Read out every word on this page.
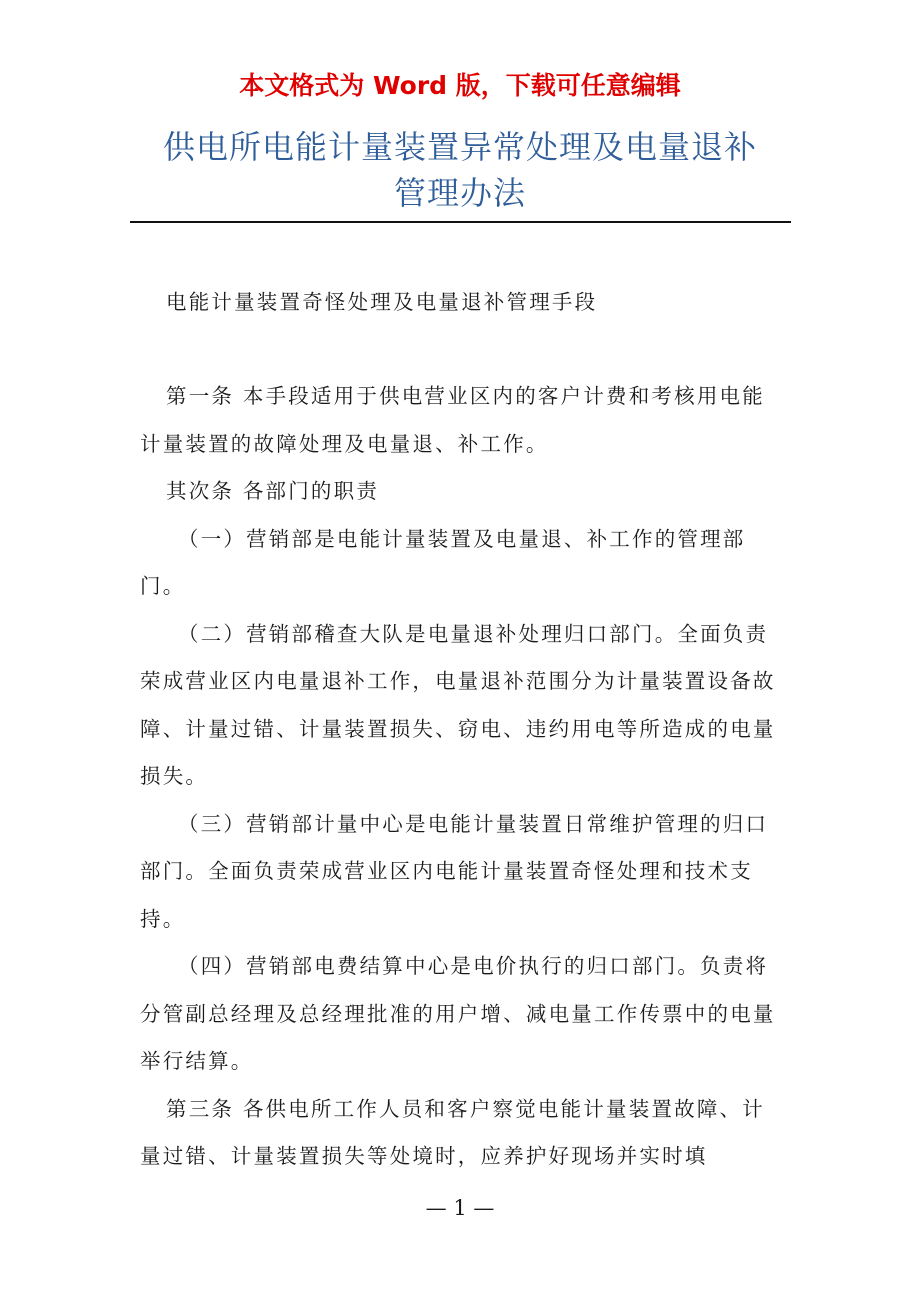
本文格式为 Word 版，下载可任意编辑
供电所电能计量装置异常处理及电量退补
管理办法
电能计量装置奇怪处理及电量退补管理手段

第一条 本手段适用于供电营业区内的客户计费和考核用电能计量装置的故障处理及电量退、补工作。

其次条 各部门的职责

（一）营销部是电能计量装置及电量退、补工作的管理部门。

（二）营销部稽查大队是电量退补处理归口部门。全面负责荣成营业区内电量退补工作，电量退补范围分为计量装置设备故障、计量过错、计量装置损失、窃电、违约用电等所造成的电量损失。

（三）营销部计量中心是电能计量装置日常维护管理的归口部门。全面负责荣成营业区内电能计量装置奇怪处理和技术支持。

（四）营销部电费结算中心是电价执行的归口部门。负责将分管副总经理及总经理批准的用户增、减电量工作传票中的电量举行结算。

第三条 各供电所工作人员和客户察觉电能计量装置故障、计量过错、计量装置损失等处境时，应养护好现场并实时填

— 1 —
